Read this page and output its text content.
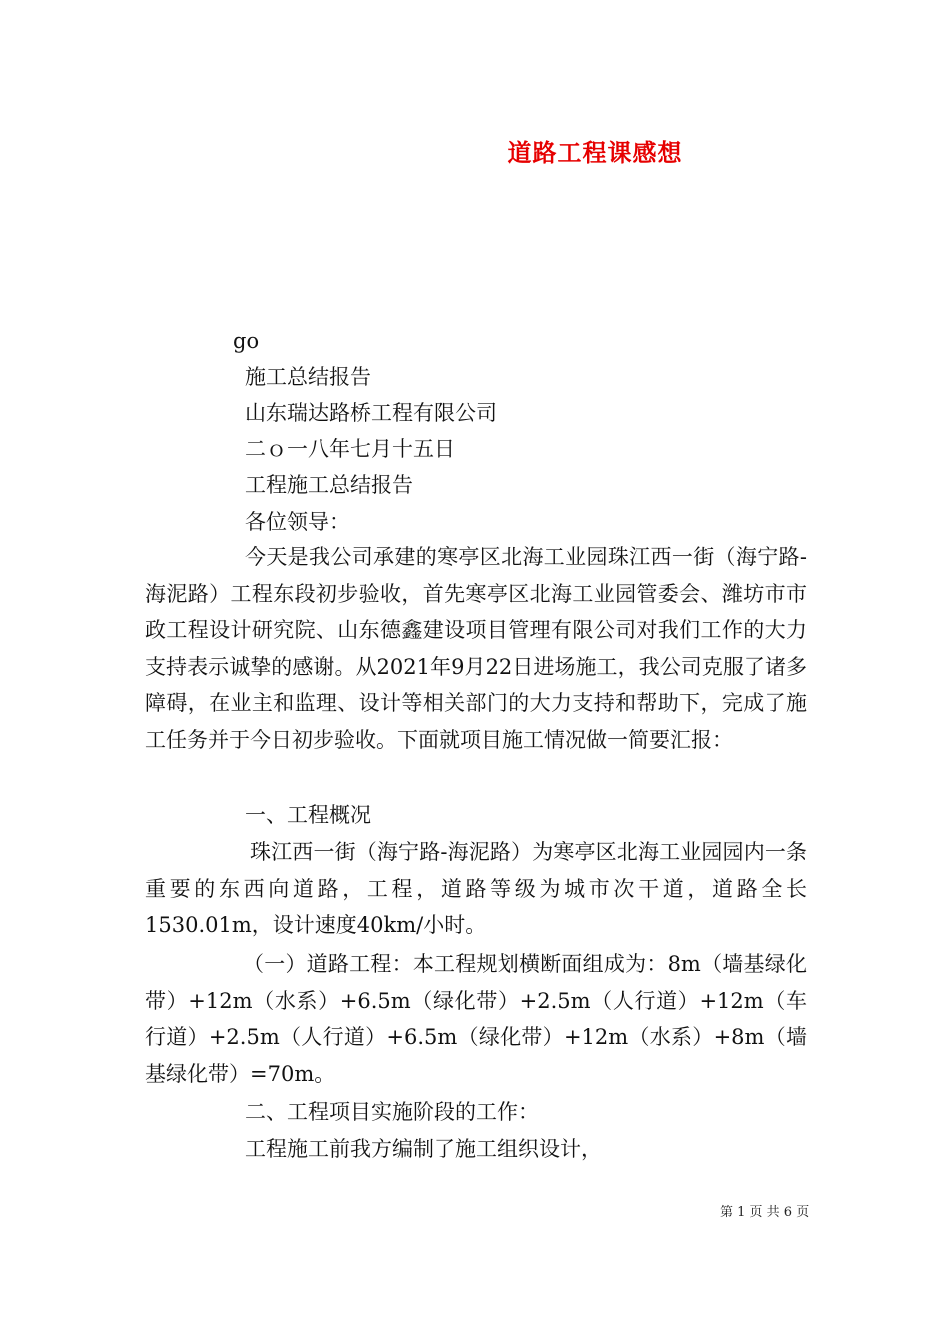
道路工程课感想
go
施工总结报告
山东瑞达路桥工程有限公司
二ｏ一八年七月十五日
工程施工总结报告
各位领导：
今天是我公司承建的寒亭区北海工业园珠江西一街（海宁路-海泥路）工程东段初步验收，首先寒亭区北海工业园管委会、潍坊市市政工程设计研究院、山东德鑫建设项目管理有限公司对我们工作的大力支持表示诚挚的感谢。从2021年9月22日进场施工，我公司克服了诸多障碍，在业主和监理、设计等相关部门的大力支持和帮助下，完成了施工任务并于今日初步验收。下面就项目施工情况做一简要汇报：
一、工程概况
珠江西一街（海宁路-海泥路）为寒亭区北海工业园园内一条重要的东西向道路，工程，道路等级为城市次干道，道路全长1530.01m，设计速度40km/小时。
（一）道路工程：本工程规划横断面组成为：8m（墙基绿化带）+12m（水系）+6.5m（绿化带）+2.5m（人行道）+12m（车行道）+2.5m（人行道）+6.5m（绿化带）+12m（水系）+8m（墙基绿化带）=70m。
二、工程项目实施阶段的工作：
工程施工前我方编制了施工组织设计，
第 1 页 共 6 页
